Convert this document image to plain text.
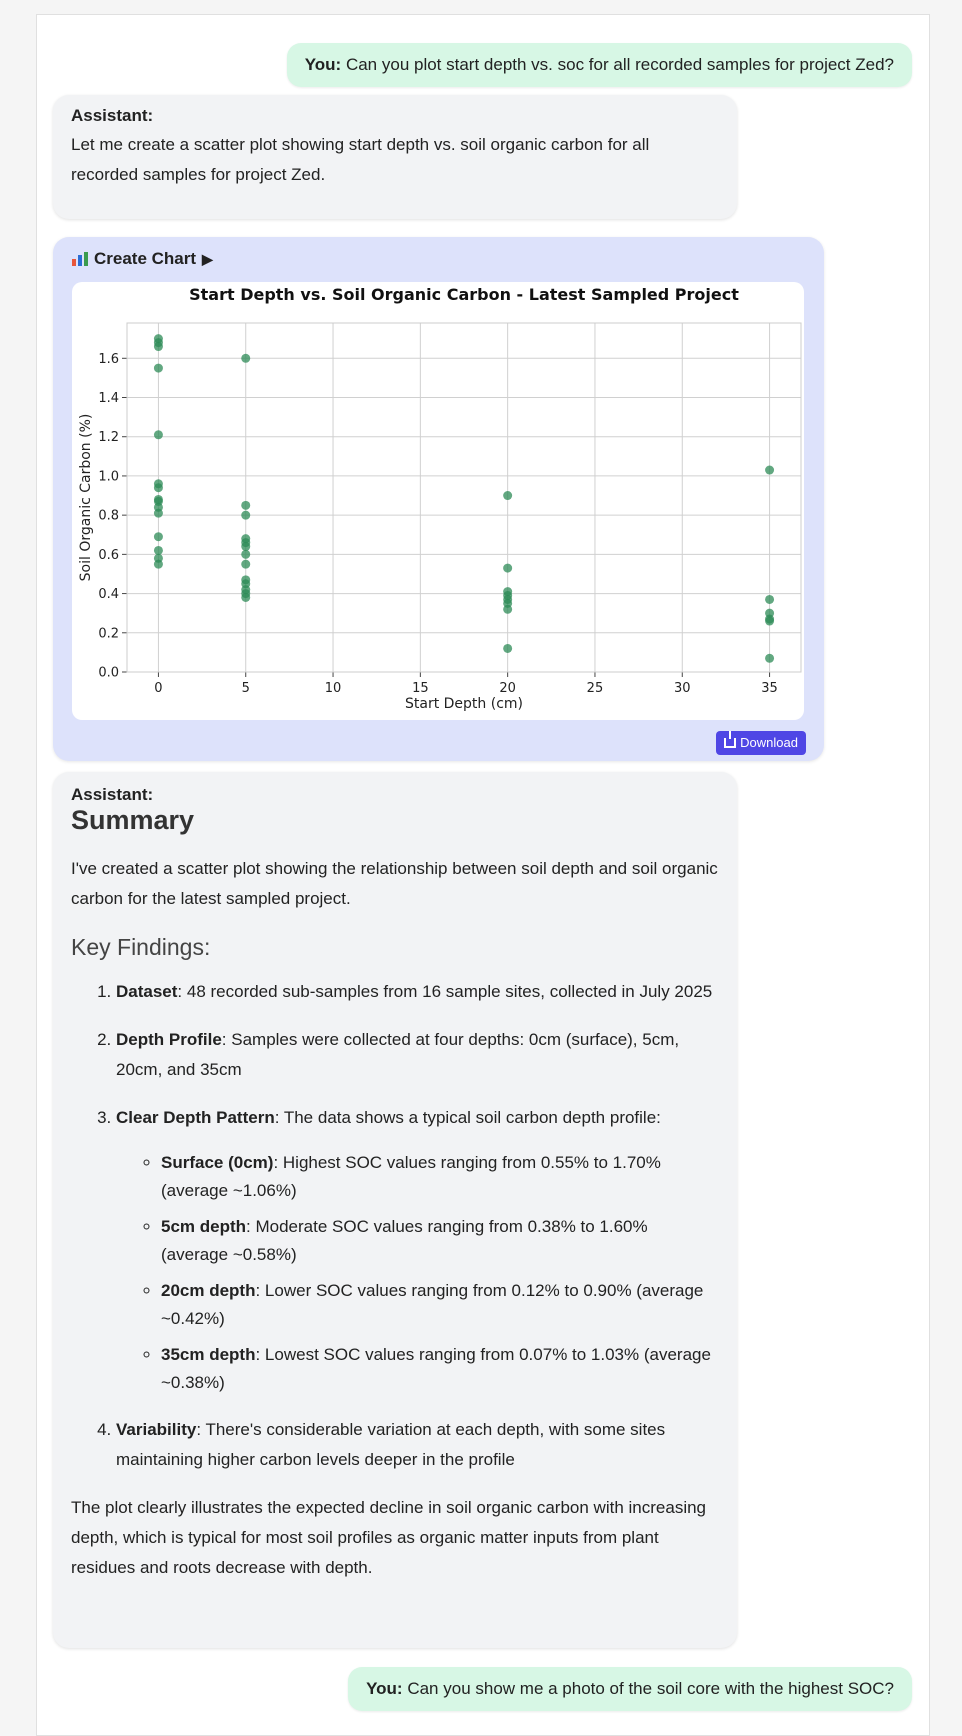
You: Can you plot start depth vs. soc for all recorded samples for project Zed?
Assistant:
Let me create a scatter plot showing start depth vs. soil organic carbon for all recorded samples for project Zed.
Create Chart ▶
Start Depth vs. Soil Organic Carbon - Latest Sampled Project
0	5	10	15	20	25	30	35
0.0
0.2
0.4
0.6
0.8
1.0
1.2
1.4
1.6
Start Depth (cm)
Soil Organic Carbon (%)
Download
Assistant:
Summary
I've created a scatter plot showing the relationship between soil depth and soil organic carbon for the latest sampled project.
Key Findings:
1. Dataset: 48 recorded sub-samples from 16 sample sites, collected in July 2025
2. Depth Profile: Samples were collected at four depths: 0cm (surface), 5cm, 20cm, and 35cm
3. Clear Depth Pattern: The data shows a typical soil carbon depth profile:
◦ Surface (0cm): Highest SOC values ranging from 0.55% to 1.70% (average ~1.06%)
◦ 5cm depth: Moderate SOC values ranging from 0.38% to 1.60% (average ~0.58%)
◦ 20cm depth: Lower SOC values ranging from 0.12% to 0.90% (average ~0.42%)
◦ 35cm depth: Lowest SOC values ranging from 0.07% to 1.03% (average ~0.38%)
4. Variability: There's considerable variation at each depth, with some sites maintaining higher carbon levels deeper in the profile
The plot clearly illustrates the expected decline in soil organic carbon with increasing depth, which is typical for most soil profiles as organic matter inputs from plant residues and roots decrease with depth.
You: Can you show me a photo of the soil core with the highest SOC?
